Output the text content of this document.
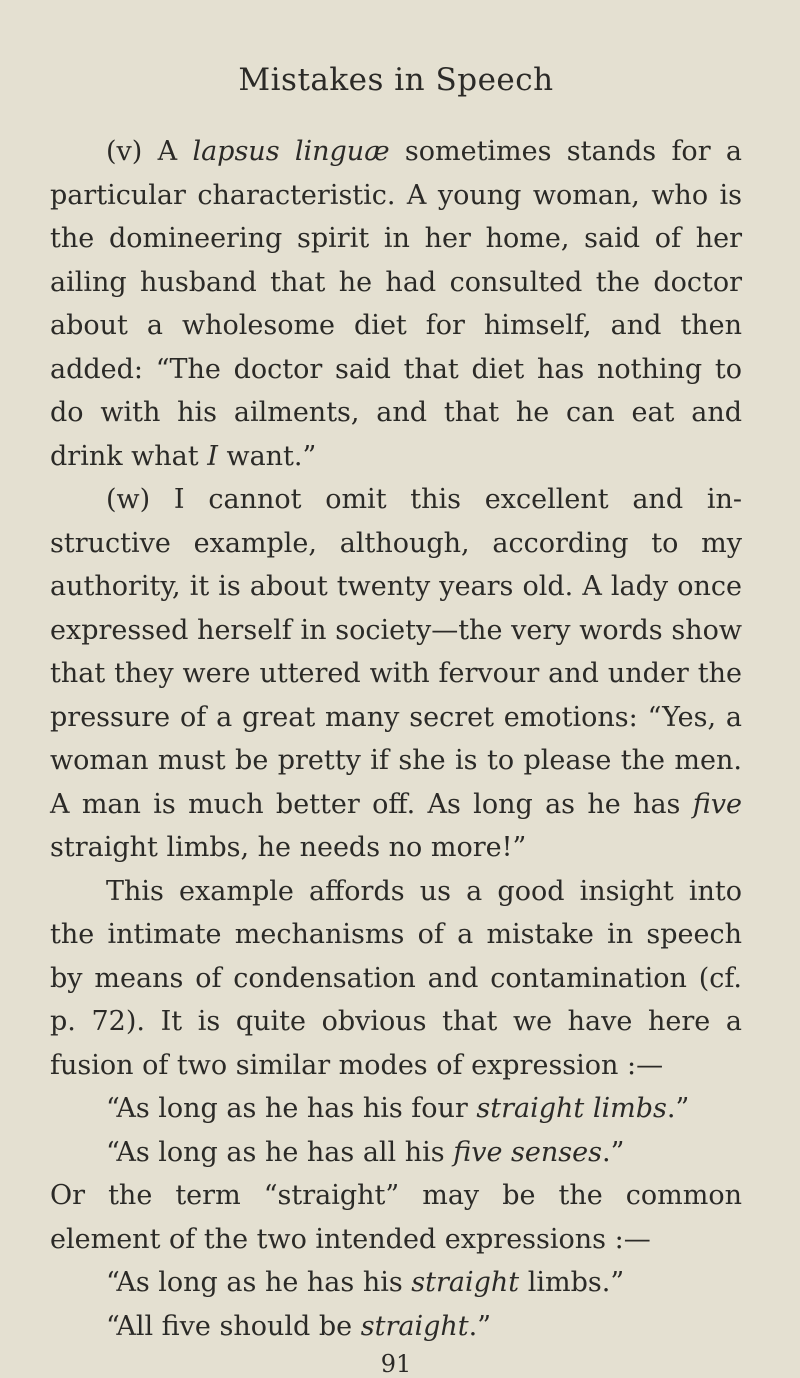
Mistakes in Speech

(v) A lapsus linguæ sometimes stands for a particular characteristic. A young woman, who is the domineering spirit in her home, said of her ailing husband that he had consulted the doctor about a wholesome diet for himself, and then added: “The doctor said that diet has nothing to do with his ailments, and that he can eat and drink what I want.”

(w) I cannot omit this excellent and in-structive example, although, according to my authority, it is about twenty years old. A lady once expressed herself in society—the very words show that they were uttered with fervour and under the pressure of a great many secret emotions: “Yes, a woman must be pretty if she is to please the men. A man is much better off. As long as he has five straight limbs, he needs no more!”

This example affords us a good insight into the intimate mechanisms of a mistake in speech by means of condensation and contamination (cf. p. 72). It is quite obvious that we have here a fusion of two similar modes of expression :—

“As long as he has his four straight limbs.”

“As long as he has all his five senses.”

Or the term “straight” may be the common element of the two intended expressions :—

“As long as he has his straight limbs.”

“All five should be straight.”

91
